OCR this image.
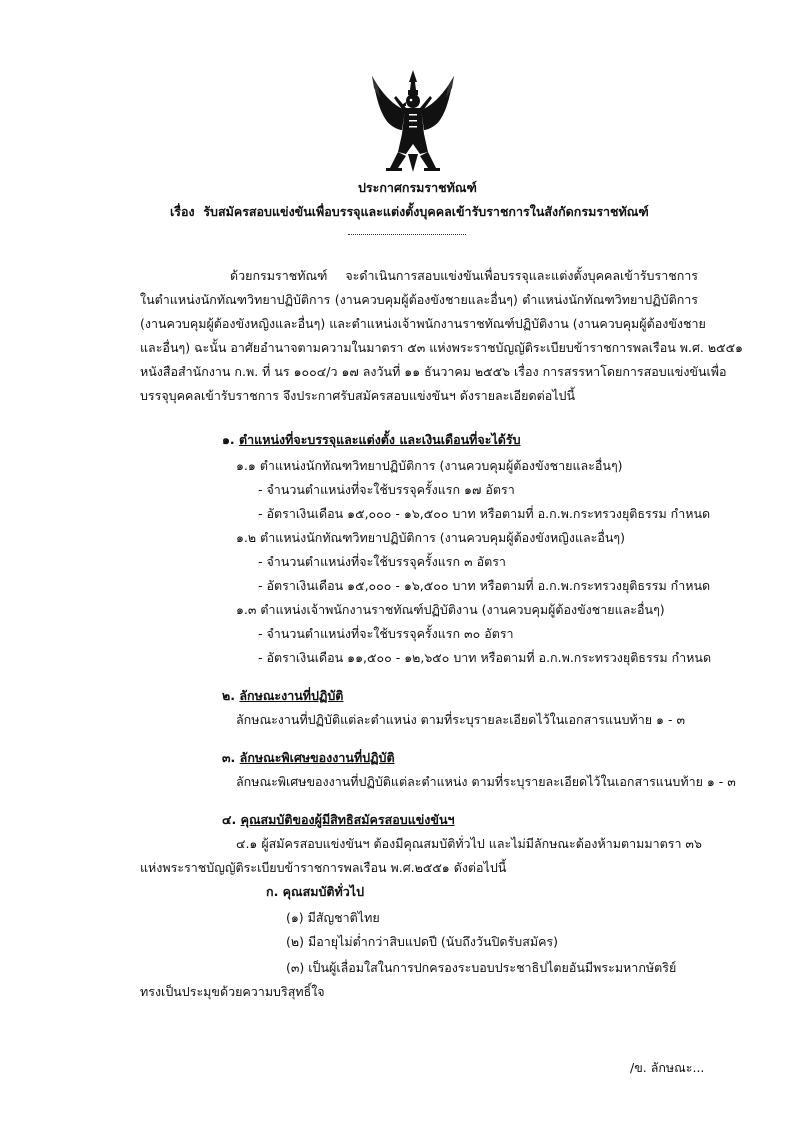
ประกาศกรมราชทัณฑ์
เรื่อง  รับสมัครสอบแข่งขันเพื่อบรรจุและแต่งตั้งบุคคลเข้ารับราชการในสังกัดกรมราชทัณฑ์
ด้วยกรมราชทัณฑ์ จะดำเนินการสอบแข่งขันเพื่อบรรจุและแต่งตั้งบุคคลเข้ารับราชการ
ในตำแหน่งนักทัณฑวิทยาปฏิบัติการ (งานควบคุมผู้ต้องขังชายและอื่นๆ) ตำแหน่งนักทัณฑวิทยาปฏิบัติการ
(งานควบคุมผู้ต้องขังหญิงและอื่นๆ) และตำแหน่งเจ้าพนักงานราชทัณฑ์ปฏิบัติงาน (งานควบคุมผู้ต้องขังชาย
และอื่นๆ) ฉะนั้น อาศัยอำนาจตามความในมาตรา ๕๓ แห่งพระราชบัญญัติระเบียบข้าราชการพลเรือน พ.ศ. ๒๕๕๑
หนังสือสำนักงาน ก.พ. ที่ นร ๑๐๐๔/ว ๑๗ ลงวันที่ ๑๑ ธันวาคม ๒๕๕๖ เรื่อง การสรรหาโดยการสอบแข่งขันเพื่อ
บรรจุบุคคลเข้ารับราชการ จึงประกาศรับสมัครสอบแข่งขันฯ ดังรายละเอียดต่อไปนี้
๑. ตำแหน่งที่จะบรรจุและแต่งตั้ง และเงินเดือนที่จะได้รับ
๑.๑ ตำแหน่งนักทัณฑวิทยาปฏิบัติการ (งานควบคุมผู้ต้องขังชายและอื่นๆ)
- จำนวนตำแหน่งที่จะใช้บรรจุครั้งแรก ๑๗ อัตรา
- อัตราเงินเดือน ๑๕,๐๐๐ - ๑๖,๕๐๐ บาท หรือตามที่ อ.ก.พ.กระทรวงยุติธรรม กำหนด
๑.๒ ตำแหน่งนักทัณฑวิทยาปฏิบัติการ (งานควบคุมผู้ต้องขังหญิงและอื่นๆ)
- จำนวนตำแหน่งที่จะใช้บรรจุครั้งแรก ๓ อัตรา
- อัตราเงินเดือน ๑๕,๐๐๐ - ๑๖,๕๐๐ บาท หรือตามที่ อ.ก.พ.กระทรวงยุติธรรม กำหนด
๑.๓ ตำแหน่งเจ้าพนักงานราชทัณฑ์ปฏิบัติงาน (งานควบคุมผู้ต้องขังชายและอื่นๆ)
- จำนวนตำแหน่งที่จะใช้บรรจุครั้งแรก ๓๐ อัตรา
- อัตราเงินเดือน ๑๑,๕๐๐ - ๑๒,๖๕๐ บาท หรือตามที่ อ.ก.พ.กระทรวงยุติธรรม กำหนด
๒. ลักษณะงานที่ปฏิบัติ
ลักษณะงานที่ปฏิบัติแต่ละตำแหน่ง ตามที่ระบุรายละเอียดไว้ในเอกสารแนบท้าย ๑ - ๓
๓. ลักษณะพิเศษของงานที่ปฏิบัติ
ลักษณะพิเศษของงานที่ปฏิบัติแต่ละตำแหน่ง ตามที่ระบุรายละเอียดไว้ในเอกสารแนบท้าย ๑ - ๓
๔. คุณสมบัติของผู้มีสิทธิสมัครสอบแข่งขันฯ
๔.๑ ผู้สมัครสอบแข่งขันฯ ต้องมีคุณสมบัติทั่วไป และไม่มีลักษณะต้องห้ามตามมาตรา ๓๖
แห่งพระราชบัญญัติระเบียบข้าราชการพลเรือน พ.ศ.๒๕๕๑ ดังต่อไปนี้
ก. คุณสมบัติทั่วไป
(๑) มีสัญชาติไทย
(๒) มีอายุไม่ต่ำกว่าสิบแปดปี (นับถึงวันปิดรับสมัคร)
(๓) เป็นผู้เลื่อมใสในการปกครองระบอบประชาธิปไตยอันมีพระมหากษัตริย์
ทรงเป็นประมุขด้วยความบริสุทธิ์ใจ
/ข. ลักษณะ...
